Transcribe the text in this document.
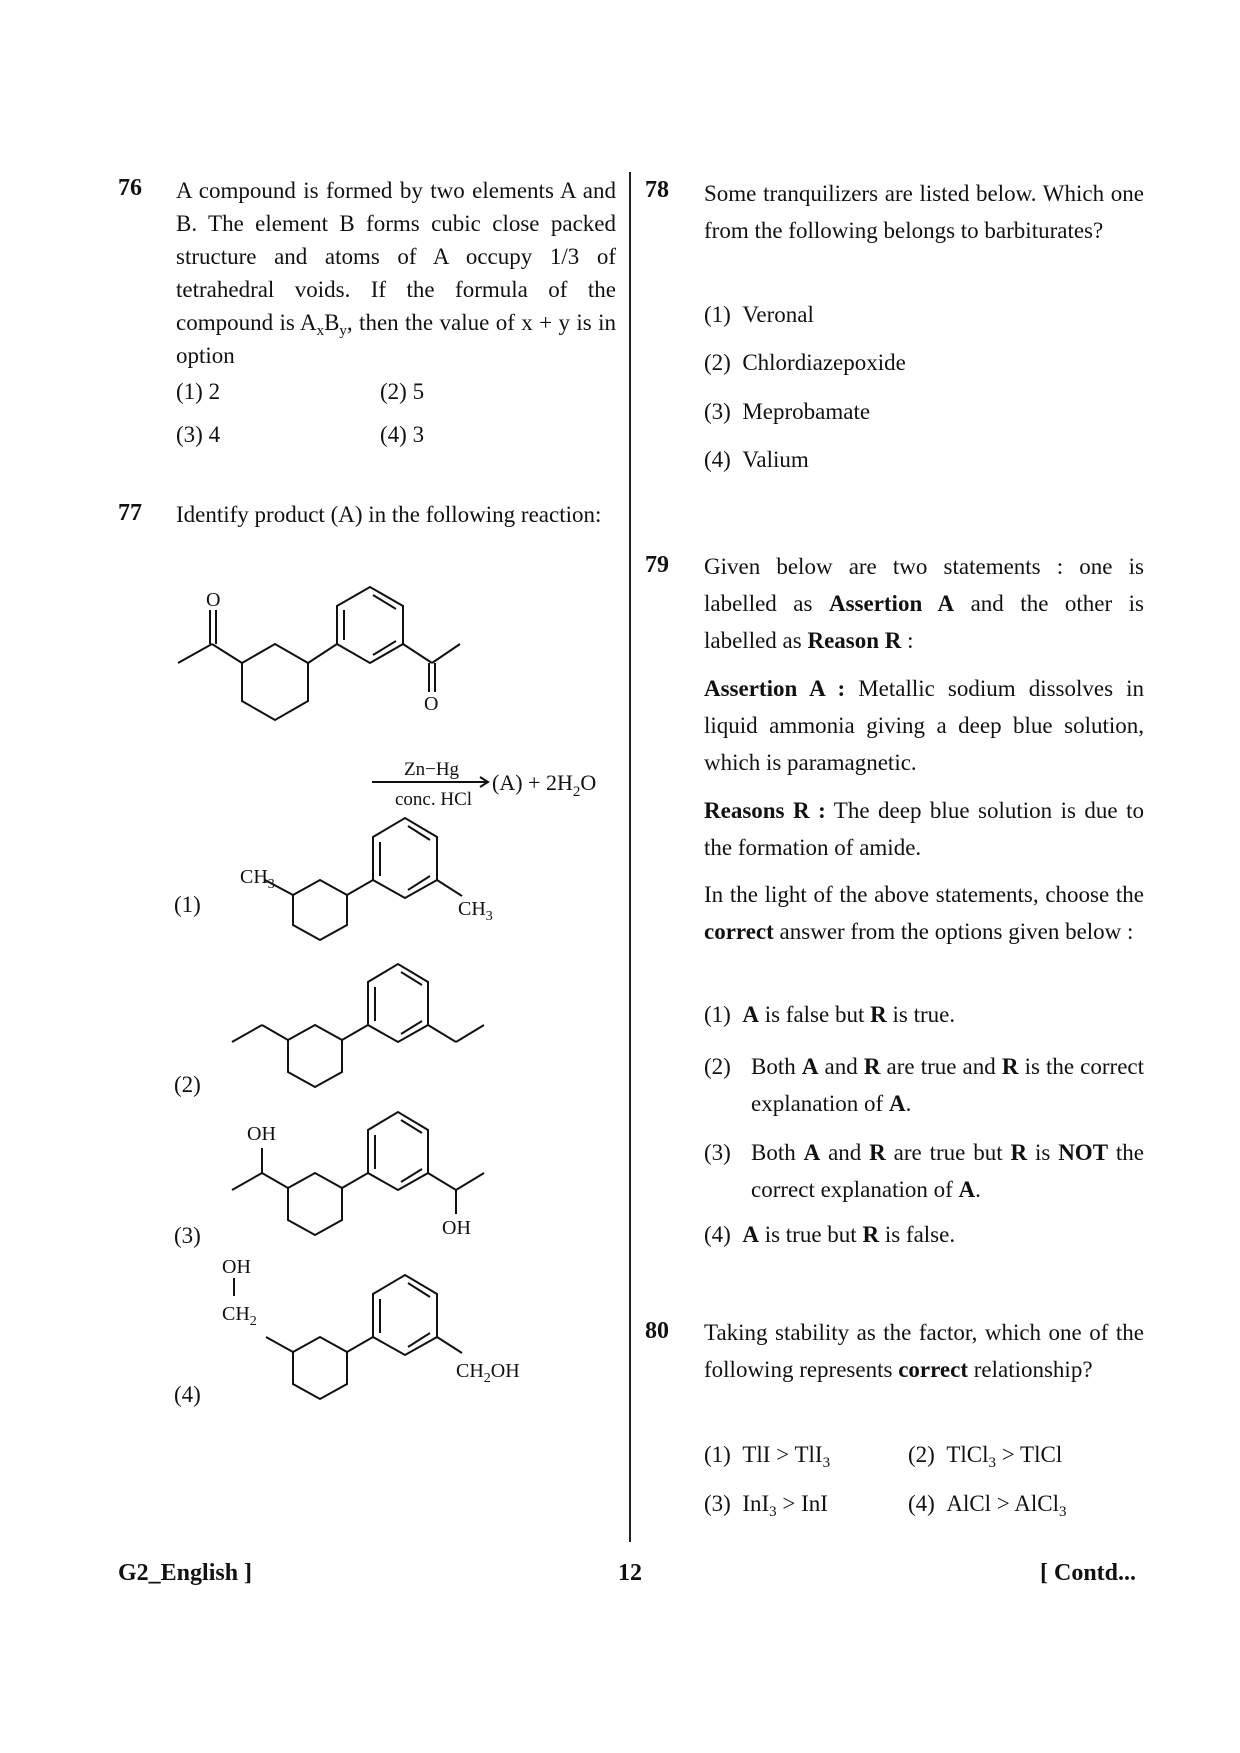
76 A compound is formed by two elements A and B. The element B forms cubic close packed structure and atoms of A occupy 1/3 of tetrahedral voids. If the formula of the compound is $A_xB_y$, then the value of x + y is in option
(1) 2	(2) 5
(3) 4	(4) 3
77 Identify product (A) in the following reaction:
O
O
Zn−Hg
conc. HCl
$(A) + 2H_2O$
(1)
$CH_3$
$CH_3$
(2)
(3)
OH
OH
(4)
OH
$CH_2$
$CH_2OH$
78 Some tranquilizers are listed below. Which one from the following belongs to barbiturates?
(1) Veronal
(2) Chlordiazepoxide
(3) Meprobamate
(4) Valium
79 Given below are two statements : one is labelled as Assertion A and the other is labelled as Reason R :
Assertion A : Metallic sodium dissolves in liquid ammonia giving a deep blue solution, which is paramagnetic.
Reasons R : The deep blue solution is due to the formation of amide.
In the light of the above statements, choose the correct answer from the options given below :
(1) A is false but R is true.
(2) Both A and R are true and R is the correct explanation of A.
(3) Both A and R are true but R is NOT the correct explanation of A.
(4) A is true but R is false.
80 Taking stability as the factor, which one of the following represents correct relationship?
(1) TlI > TlI$_3$	(2) TlCl$_3$ > TlCl
(3) InI$_3$ > InI	(4) AlCl > AlCl$_3$
G2_English ]	12	[ Contd...
